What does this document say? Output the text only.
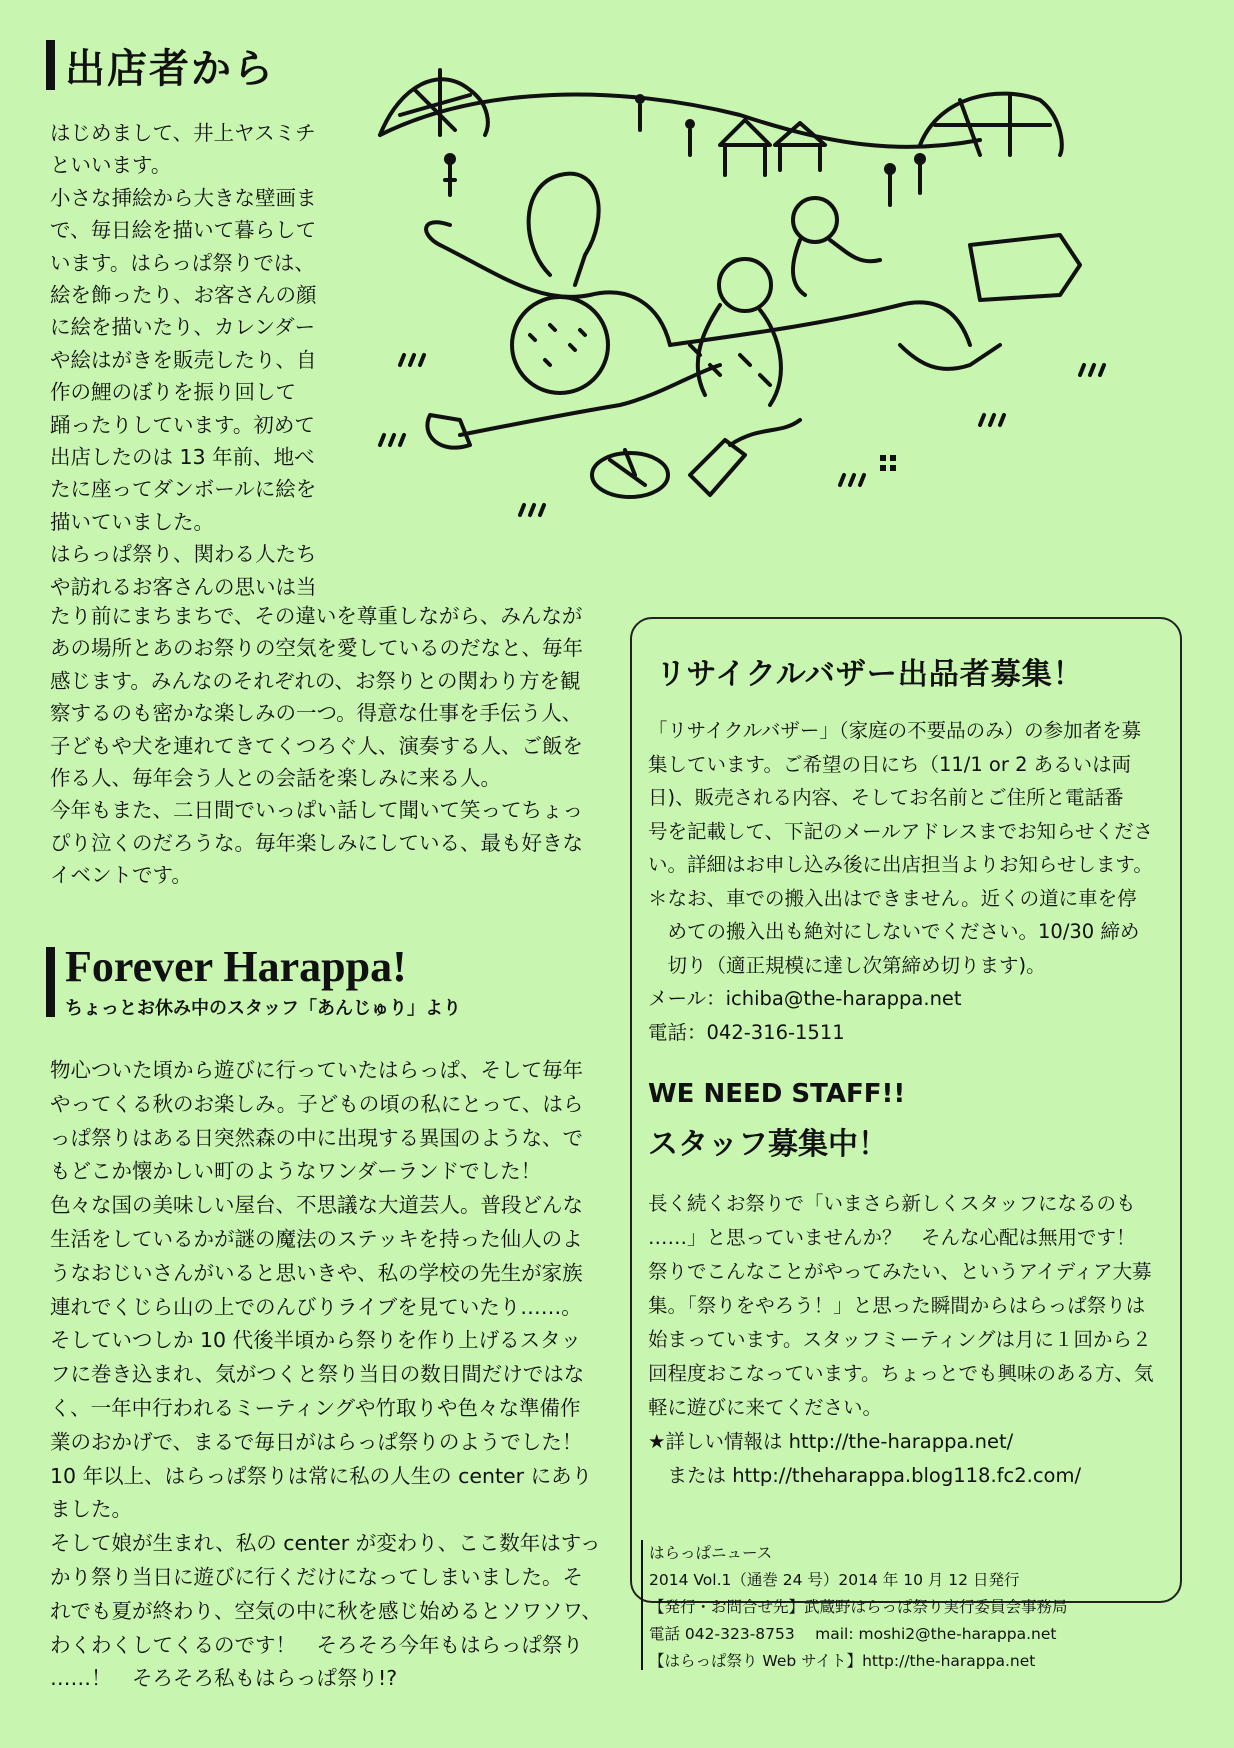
出店者から
はじめまして、井上ヤスミチ
といいます。
小さな挿絵から大きな壁画ま
で、毎日絵を描いて暮らして
います。はらっぱ祭りでは、
絵を飾ったり、お客さんの顔
に絵を描いたり、カレンダー
や絵はがきを販売したり、自
作の鯉のぼりを振り回して
踊ったりしています。初めて
出店したのは 13 年前、地べ
たに座ってダンボールに絵を
描いていました。
はらっぱ祭り、関わる人たち
や訪れるお客さんの思いは当
たり前にまちまちで、その違いを尊重しながら、みんなが
あの場所とあのお祭りの空気を愛しているのだなと、毎年
感じます。みんなのそれぞれの、お祭りとの関わり方を観
察するのも密かな楽しみの一つ。得意な仕事を手伝う人、
子どもや犬を連れてきてくつろぐ人、演奏する人、ご飯を
作る人、毎年会う人との会話を楽しみに来る人。
今年もまた、二日間でいっぱい話して聞いて笑ってちょっ
ぴり泣くのだろうな。毎年楽しみにしている、最も好きな
イベントです。
Forever Harappa!
ちょっとお休み中のスタッフ「あんじゅり」より
物心ついた頃から遊びに行っていたはらっぱ、そして毎年
やってくる秋のお楽しみ。子どもの頃の私にとって、はら
っぱ祭りはある日突然森の中に出現する異国のような、で
もどこか懐かしい町のようなワンダーランドでした！
色々な国の美味しい屋台、不思議な大道芸人。普段どんな
生活をしているかが謎の魔法のステッキを持った仙人のよ
うなおじいさんがいると思いきや、私の学校の先生が家族
連れでくじら山の上でのんびりライブを見ていたり……。
そしていつしか 10 代後半頃から祭りを作り上げるスタッ
フに巻き込まれ、気がつくと祭り当日の数日間だけではな
く、一年中行われるミーティングや竹取りや色々な準備作
業のおかげで、まるで毎日がはらっぱ祭りのようでした！
10 年以上、はらっぱ祭りは常に私の人生の center にあり
ました。
そして娘が生まれ、私の center が変わり、ここ数年はすっ
かり祭り当日に遊びに行くだけになってしまいました。そ
れでも夏が終わり、空気の中に秋を感じ始めるとソワソワ、
わくわくしてくるのです！　そろそろ今年もはらっぱ祭り
……！　そろそろ私もはらっぱ祭り!?
リサイクルバザー出品者募集！
「リサイクルバザー」（家庭の不要品のみ）の参加者を募
集しています。ご希望の日にち（11/1 or 2 あるいは両
日)、販売される内容、そしてお名前とご住所と電話番
号を記載して、下記のメールアドレスまでお知らせくださ
い。詳細はお申し込み後に出店担当よりお知らせします。
＊なお、車での搬入出はできません。近くの道に車を停
　めての搬入出も絶対にしないでください。10/30 締め
　切り（適正規模に達し次第締め切ります)。
メール：ichiba@the-harappa.net
電話：042-316-1511
WE NEED STAFF!!
スタッフ募集中！
長く続くお祭りで「いまさら新しくスタッフになるのも
……」と思っていませんか？　そんな心配は無用です！
祭りでこんなことがやってみたい、というアイディア大募
集。「祭りをやろう！」と思った瞬間からはらっぱ祭りは
始まっています。スタッフミーティングは月に１回から２
回程度おこなっています。ちょっとでも興味のある方、気
軽に遊びに来てください。
★詳しい情報は http://the-harappa.net/
　または http://theharappa.blog118.fc2.com/
はらっぱニュース
2014 Vol.1（通巻 24 号）2014 年 10 月 12 日発行
【発行・お問合せ先】武蔵野はらっぱ祭り実行委員会事務局
電話 042-323-8753　 mail: moshi2@the-harappa.net
【はらっぱ祭り Web サイト】http://the-harappa.net
